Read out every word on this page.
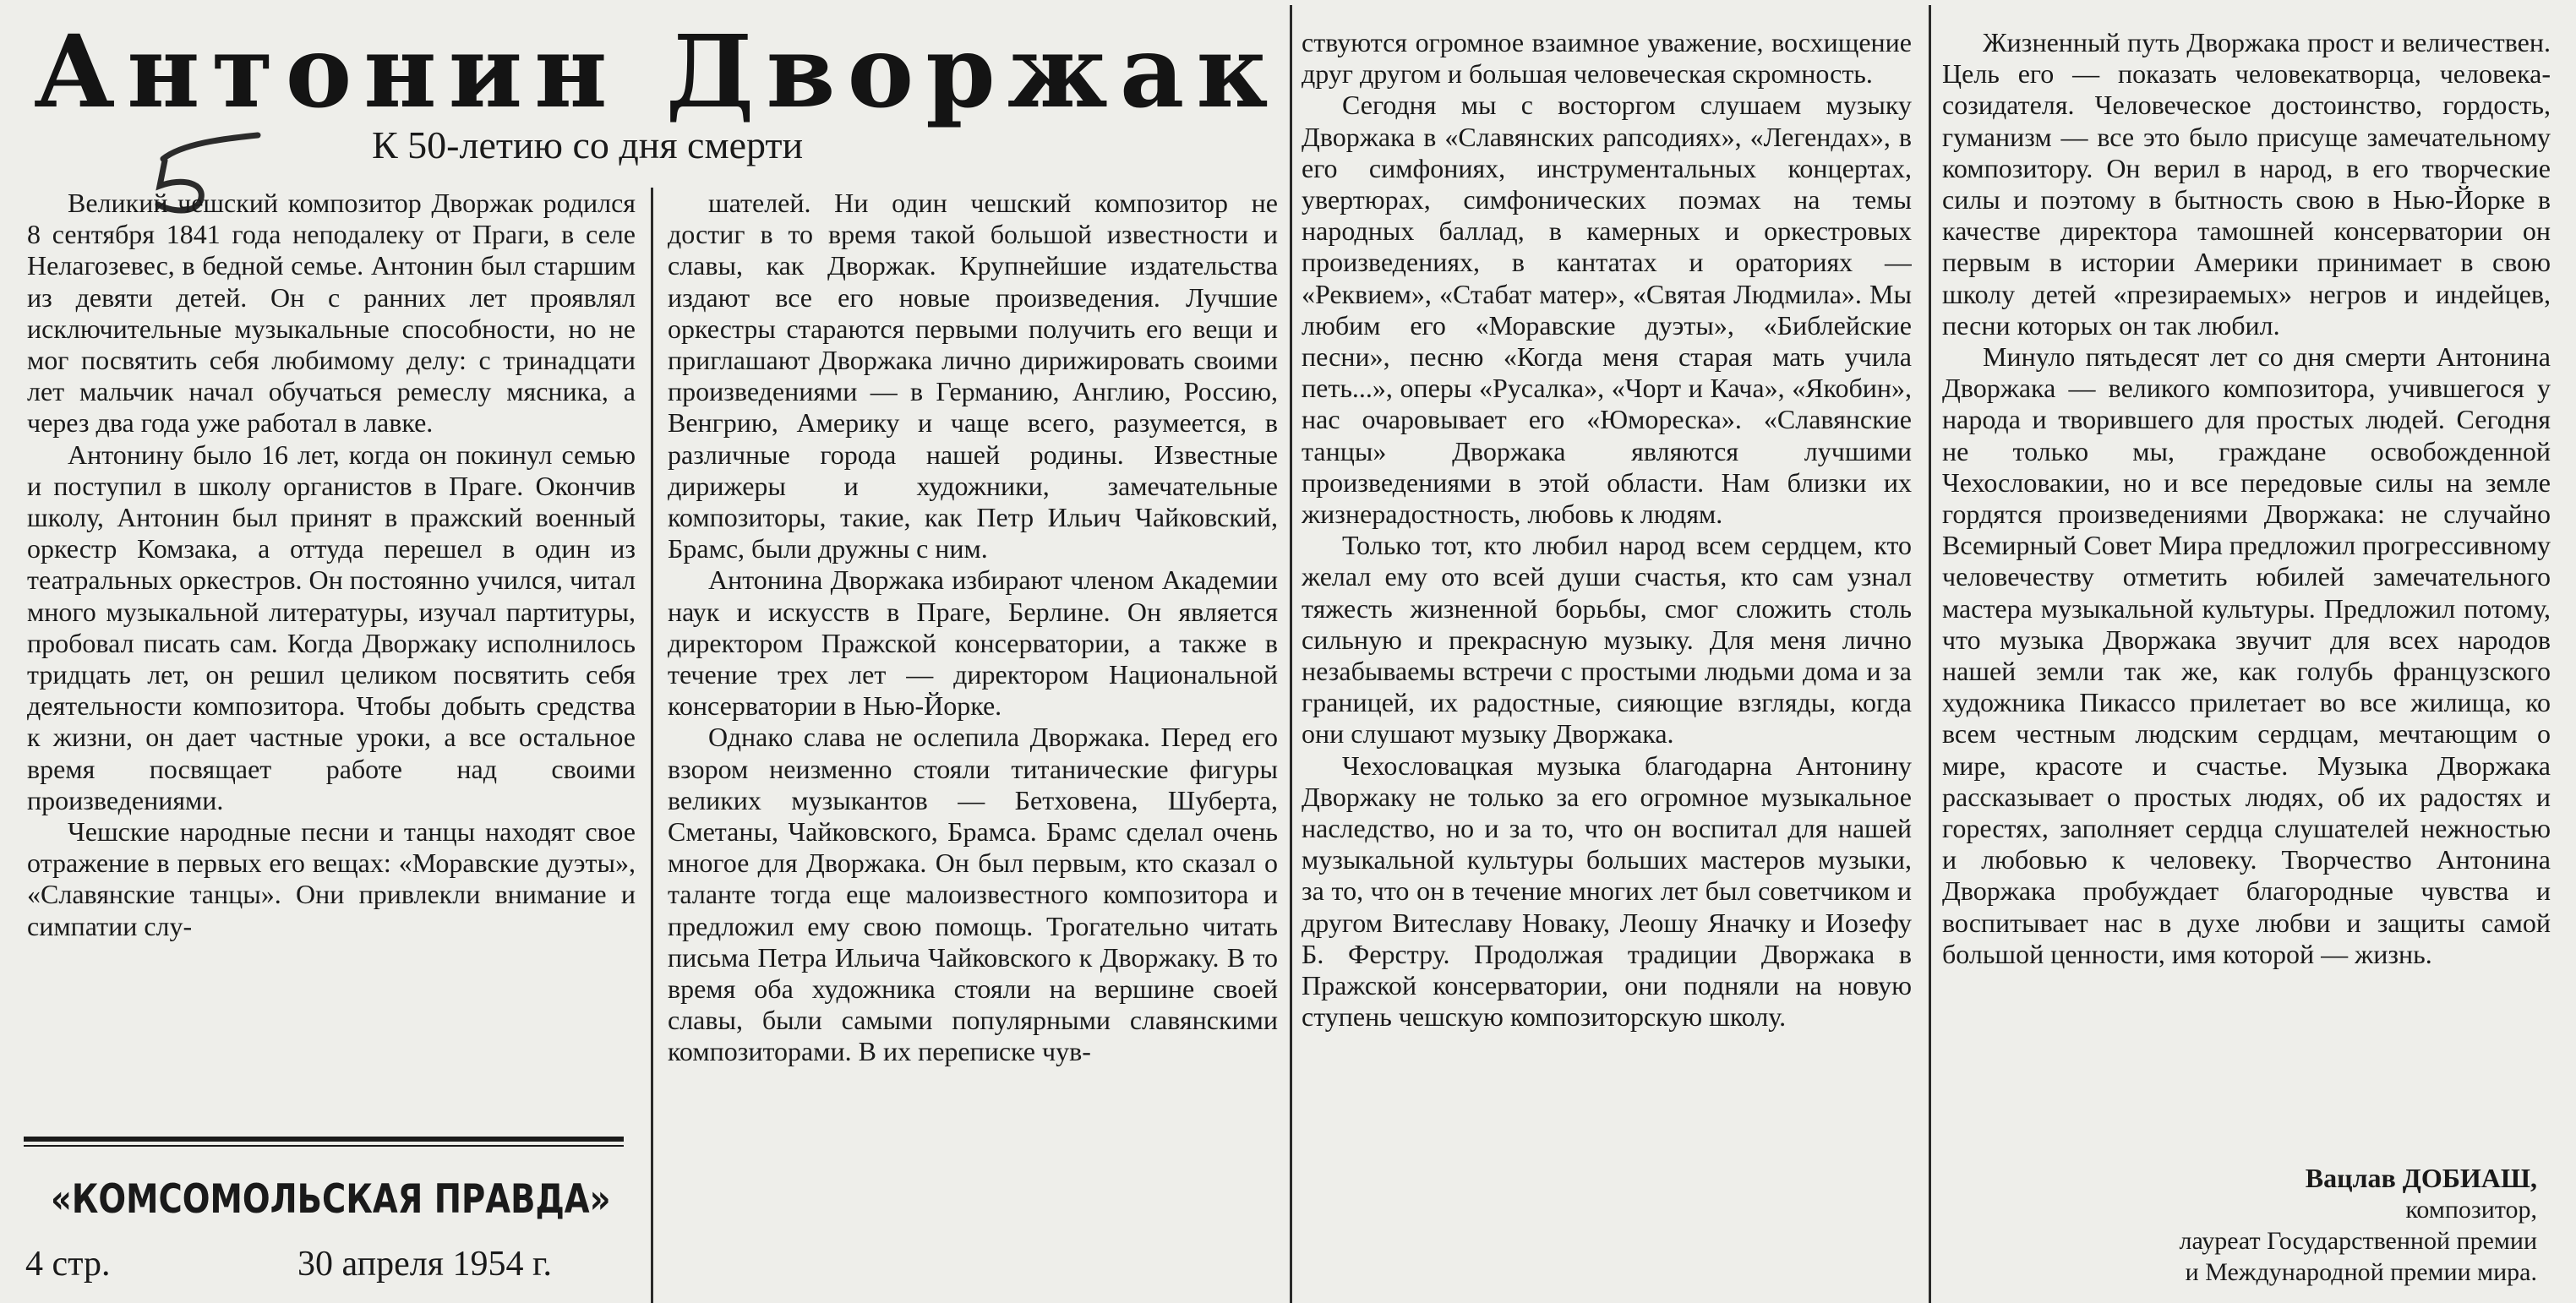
Антонин Дворжак
К 50-летию со дня смерти

Великий чешский композитор Дворжак родился 8 сентября 1841 года неподалеку от Праги, в селе Нелагозевес, в бедной семье. Антонин был старшим из девяти детей. Он с ранних лет проявлял исключительные музыкальные способности, но не мог посвятить себя любимому делу: с тринадцати лет мальчик начал обучаться ремеслу мясника, а через два года уже работал в лавке.

Антонину было 16 лет, когда он покинул семью и поступил в школу органистов в Праге. Окончив школу, Антонин был принят в пражский военный оркестр Комзака, а оттуда перешел в один из театральных оркестров. Он постоянно учился, читал много музыкальной литературы, изучал партитуры, пробовал писать сам. Когда Дворжаку исполнилось тридцать лет, он решил целиком посвятить себя деятельности композитора. Чтобы добыть средства к жизни, он дает частные уроки, а все остальное время посвящает работе над своими произведениями.

Чешские народные песни и танцы находят свое отражение в первых его вещах: «Моравские дуэты», «Славянские танцы». Они привлекли внимание и симпатии слу-

шателей. Ни один чешский композитор не достиг в то время такой большой известности и славы, как Дворжак. Крупнейшие издательства издают все его новые произведения. Лучшие оркестры стараются первыми получить его вещи и приглашают Дворжака лично дирижировать своими произведениями — в Германию, Англию, Россию, Венгрию, Америку и чаще всего, разумеется, в различные города нашей родины. Известные дирижеры и художники, замечательные композиторы, такие, как Петр Ильич Чайковский, Брамс, были дружны с ним.

Антонина Дворжака избирают членом Академии наук и искусств в Праге, Берлине. Он является директором Пражской консерватории, а также в течение трех лет — директором Национальной консерватории в Нью-Йорке.

Однако слава не ослепила Дворжака. Перед его взором неизменно стояли титанические фигуры великих музыкантов — Бетховена, Шуберта, Сметаны, Чайковского, Брамса. Брамс сделал очень многое для Дворжака. Он был первым, кто сказал о таланте тогда еще малоизвестного композитора и предложил ему свою помощь. Трогательно читать письма Петра Ильича Чайковского к Дворжаку. В то время оба художника стояли на вершине своей славы, были самыми популярными славянскими композиторами. В их переписке чув-

ствуются огромное взаимное уважение, восхищение друг другом и большая человеческая скромность.

Сегодня мы с восторгом слушаем музыку Дворжака в «Славянских рапсодиях», «Легендах», в его симфониях, инструментальных концертах, увертюрах, симфонических поэмах на темы народных баллад, в камерных и оркестровых произведениях, в кантатах и ораториях — «Реквием», «Стабат матер», «Святая Людмила». Мы любим его «Моравские дуэты», «Библейские песни», песню «Когда меня старая мать учила петь...», оперы «Русалка», «Чорт и Кача», «Якобин», нас очаровывает его «Юмореска». «Славянские танцы» Дворжака являются лучшими произведениями в этой области. Нам близки их жизнерадостность, любовь к людям.

Только тот, кто любил народ всем сердцем, кто желал ему ото всей души счастья, кто сам узнал тяжесть жизненной борьбы, смог сложить столь сильную и прекрасную музыку. Для меня лично незабываемы встречи с простыми людьми дома и за границей, их радостные, сияющие взгляды, когда они слушают музыку Дворжака.

Чехословацкая музыка благодарна Антонину Дворжаку не только за его огромное музыкальное наследство, но и за то, что он воспитал для нашей музыкальной культуры больших мастеров музыки, за то, что он в течение многих лет был советчиком и другом Витеславу Новаку, Леошу Яначку и Иозефу Б. Ферстру. Продолжая традиции Дворжака в Пражской консерватории, они подняли на новую ступень чешскую композиторскую школу.

Жизненный путь Дворжака прост и величествен. Цель его — показать человекатворца, человека-созидателя. Человеческое достоинство, гордость, гуманизм — все это было присуще замечательному композитору. Он верил в народ, в его творческие силы и поэтому в бытность свою в Нью-Йорке в качестве директора тамошней консерватории он первым в истории Америки принимает в свою школу детей «презираемых» негров и индейцев, песни которых он так любил.

Минуло пятьдесят лет со дня смерти Антонина Дворжака — великого композитора, учившегося у народа и творившего для простых людей. Сегодня не только мы, граждане освобожденной Чехословакии, но и все передовые силы на земле гордятся произведениями Дворжака: не случайно Всемирный Совет Мира предложил прогрессивному человечеству отметить юбилей замечательного мастера музыкальной культуры. Предложил потому, что музыка Дворжака звучит для всех народов нашей земли так же, как голубь французского художника Пикассо прилетает во все жилища, ко всем честным людским сердцам, мечтающим о мире, красоте и счастье. Музыка Дворжака рассказывает о простых людях, об их радостях и горестях, заполняет сердца слушателей нежностью и любовью к человеку. Творчество Антонина Дворжака пробуждает благородные чувства и воспитывает нас в духе любви и защиты самой большой ценности, имя которой — жизнь.

Вацлав ДОБИАШ,
композитор,
лауреат Государственной премии
и Международной премии мира.
«КОМСОМОЛЬСКАЯ ПРАВДА»
4 стр.	30 апреля 1954 г.
